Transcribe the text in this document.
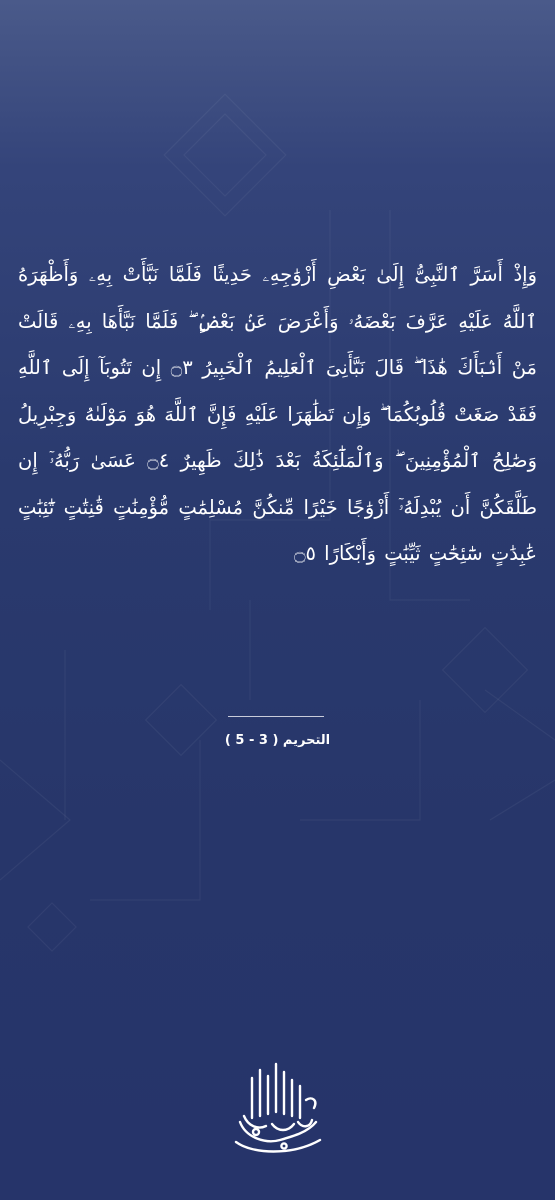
وَإِذْ أَسَرَّ ٱلنَّبِىُّ إِلَىٰ بَعْضِ أَزْوَٰجِهِۦ حَدِيثًا فَلَمَّا نَبَّأَتْ بِهِۦ وَأَظْهَرَهُ ٱللَّهُ عَلَيْهِ عَرَّفَ بَعْضَهُۥ وَأَعْرَضَ عَنۢ بَعْضٍۢ ۖ فَلَمَّا نَبَّأَهَا بِهِۦ قَالَتْ مَنْ أَنۢبَأَكَ هَٰذَا ۖ قَالَ نَبَّأَنِىَ ٱلْعَلِيمُ ٱلْخَبِيرُ ۝٣ إِن تَتُوبَآ إِلَى ٱللَّهِ فَقَدْ صَغَتْ قُلُوبُكُمَا ۖ وَإِن تَظَٰهَرَا عَلَيْهِ فَإِنَّ ٱللَّهَ هُوَ مَوْلَىٰهُ وَجِبْرِيلُ وَصَٰلِحُ ٱلْمُؤْمِنِينَ ۖ وَٱلْمَلَٰٓئِكَةُ بَعْدَ ذَٰلِكَ ظَهِيرٌ ۝٤ عَسَىٰ رَبُّهُۥٓ إِن طَلَّقَكُنَّ أَن يُبْدِلَهُۥٓ أَزْوَٰجًا خَيْرًا مِّنكُنَّ مُسْلِمَٰتٍ مُّؤْمِنَٰتٍ قَٰنِتَٰتٍ تَٰٓئِبَٰتٍ عَٰبِدَٰتٍ سَٰٓئِحَٰتٍ ثَيِّبَٰتٍ وَأَبْكَارًا ۝٥
التحريم ( 3 - 5 )
